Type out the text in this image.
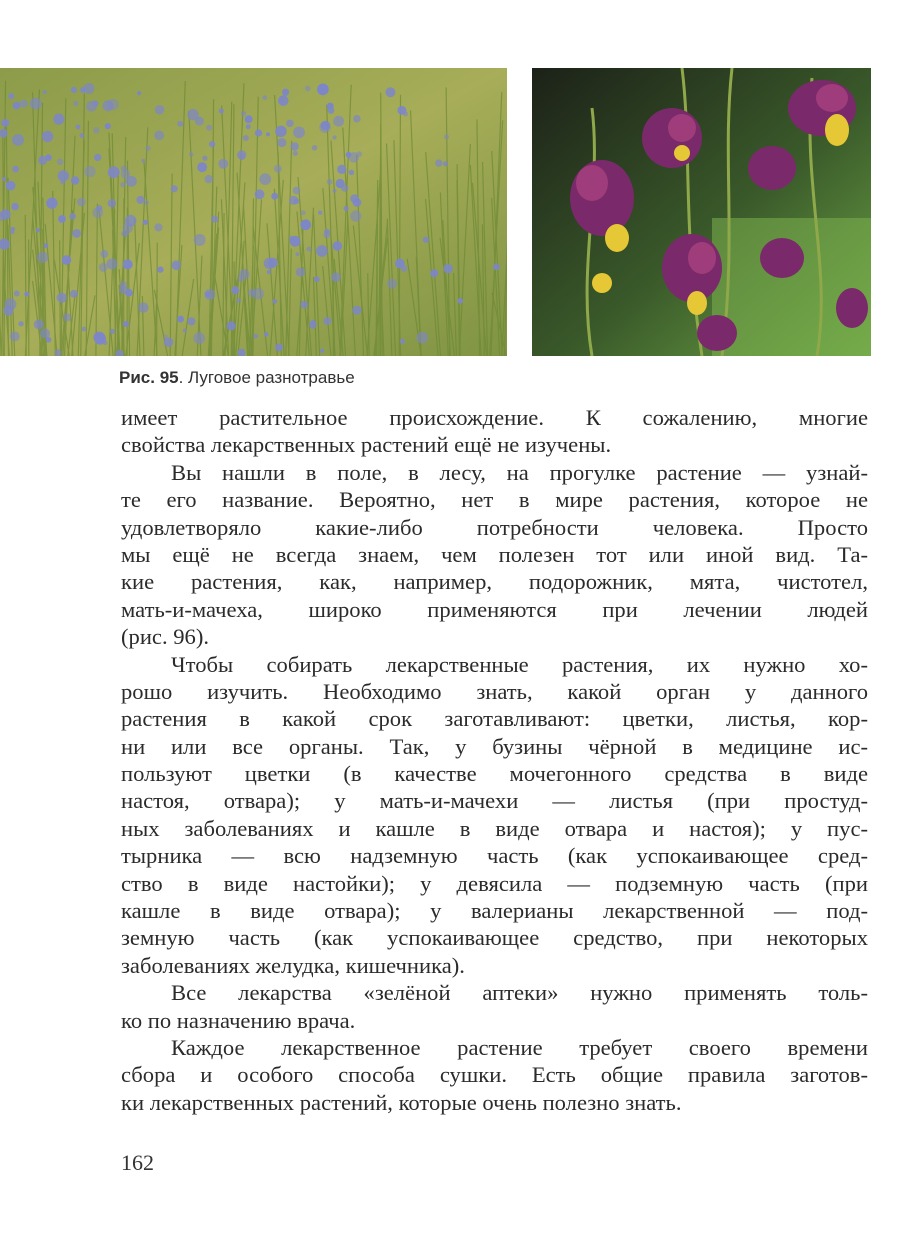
Рис. 95. Луговое разнотравье
имеет растительное происхождение. К сожалению, многие
свойства лекарственных растений ещё не изучены.
Вы нашли в поле, в лесу, на прогулке растение — узнай-
те его название. Вероятно, нет в мире растения, которое не
удовлетворяло какие-либо потребности человека. Просто
мы ещё не всегда знаем, чем полезен тот или иной вид. Та-
кие растения, как, например, подорожник, мята, чистотел,
мать-и-мачеха, широко применяются при лечении людей
(рис. 96).
Чтобы собирать лекарственные растения, их нужно хо-
рошо изучить. Необходимо знать, какой орган у данного
растения в какой срок заготавливают: цветки, листья, кор-
ни или все органы. Так, у бузины чёрной в медицине ис-
пользуют цветки (в качестве мочегонного средства в виде
настоя, отвара); у мать-и-мачехи — листья (при простуд-
ных заболеваниях и кашле в виде отвара и настоя); у пус-
тырника — всю надземную часть (как успокаивающее сред-
ство в виде настойки); у девясила — подземную часть (при
кашле в виде отвара); у валерианы лекарственной — под-
земную часть (как успокаивающее средство, при некоторых
заболеваниях желудка, кишечника).
Все лекарства «зелёной аптеки» нужно применять толь-
ко по назначению врача.
Каждое лекарственное растение требует своего времени
сбора и особого способа сушки. Есть общие правила заготов-
ки лекарственных растений, которые очень полезно знать.
162
